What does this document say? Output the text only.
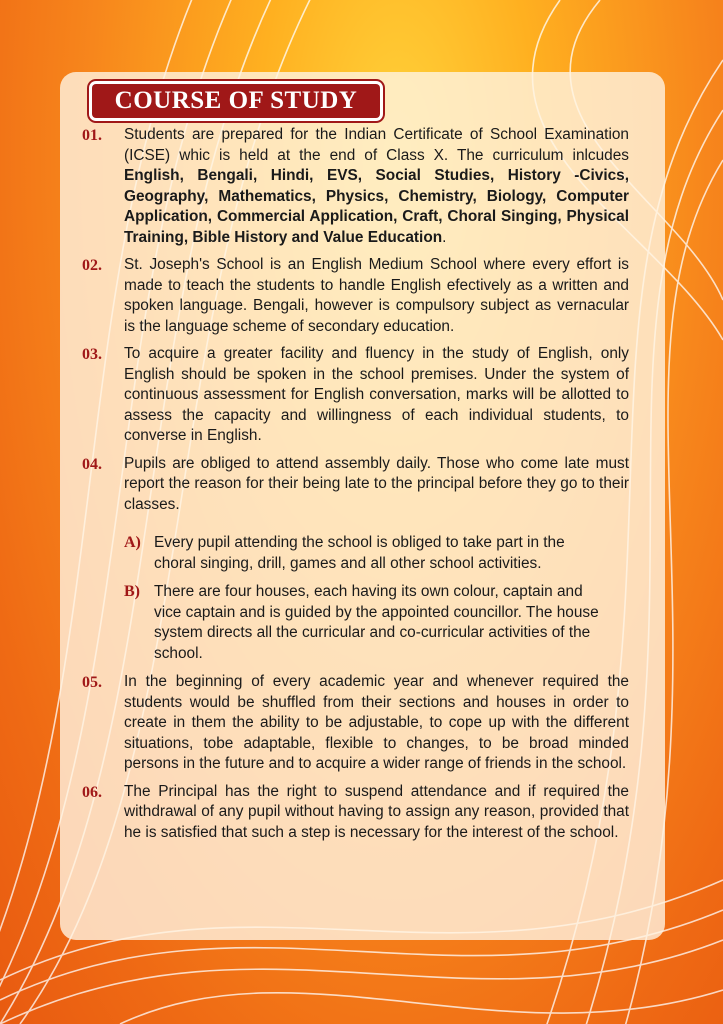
COURSE OF STUDY
01.	Students are prepared for the Indian Certificate of School Examination (ICSE) whic is held at the end of Class X. The curriculum inlcudes English, Bengali, Hindi, EVS, Social Studies, History -Civics, Geography, Mathematics, Physics, Chemistry, Biology, Computer Application, Commercial Application, Craft, Choral Singing, Physical Training, Bible History and Value Education.
02.	St. Joseph's School is an English Medium School where every effort is made to teach the students to handle English efectively as a written and spoken language. Bengali, however is compulsory subject as vernacular is the language scheme of secondary education.
03.	To acquire a greater facility and fluency in the study of English, only English should be spoken in the school premises. Under the system of continuous assessment for English conversation, marks will be allotted to assess the capacity and willingness of each individual students, to converse in English.
04.	Pupils are obliged to attend assembly daily. Those who come late must report the reason for their being late to the principal before they go to their classes.
A) Every pupil attending the school is obliged to take part in the choral singing, drill, games and all other school activities.
B) There are four houses, each having its own colour, captain and vice captain and is guided by the appointed councillor. The house system directs all the curricular and co-curricular activities of the school.
05.	In the beginning of every academic year and whenever required the students would be shuffled from their sections and houses in order to create in them the ability to be adjustable, to cope up with the different situations, tobe adaptable, flexible to changes, to be broad minded persons in the future and to acquire a wider range of friends in the school.
06.	The Principal has the right to suspend attendance and if required the withdrawal of any pupil without having to assign any reason, provided that he is satisfied that such a step is necessary for the interest of the school.
